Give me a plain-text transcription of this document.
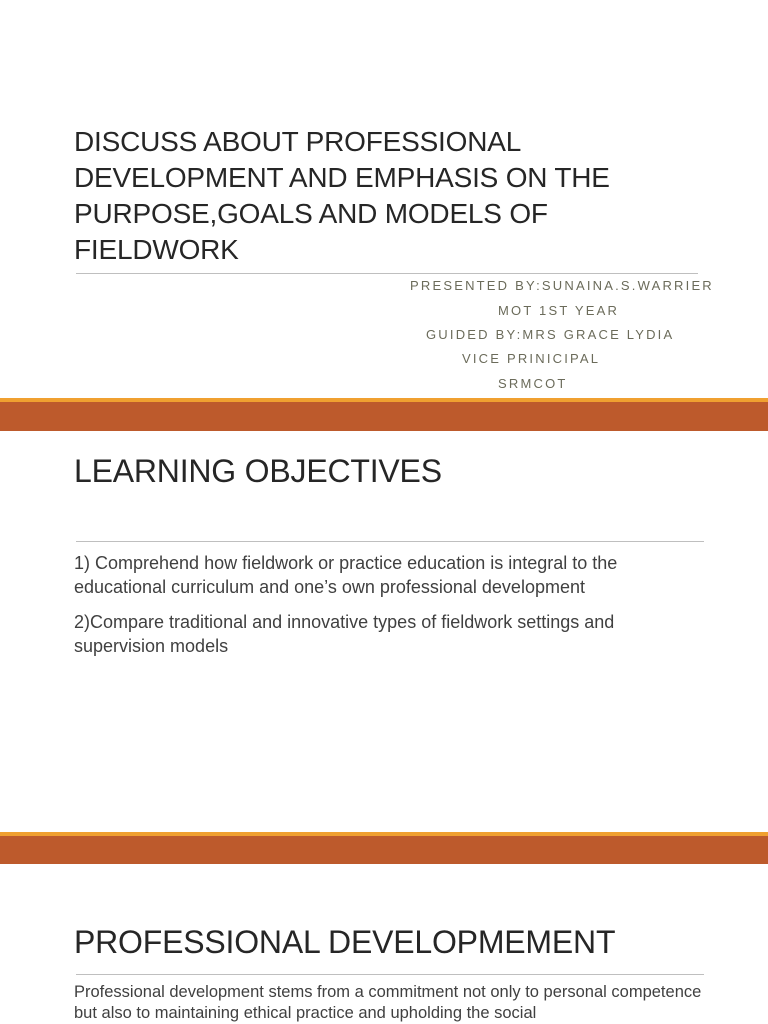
DISCUSS ABOUT PROFESSIONAL DEVELOPMENT AND EMPHASIS ON THE PURPOSE,GOALS AND MODELS OF FIELDWORK
PRESENTED BY:SUNAINA.S.WARRIER
MOT 1ST YEAR
GUIDED BY:MRS GRACE LYDIA
VICE PRINICIPAL
SRMCOT
LEARNING OBJECTIVES
1) Comprehend how fieldwork or practice education is integral to the educational curriculum and one’s own professional development
2)Compare traditional and innovative types of fieldwork settings and supervision models
PROFESSIONAL DEVELOPMEMENT
Professional development stems from a commitment not only to personal competence but also to maintaining ethical practice and upholding the social
